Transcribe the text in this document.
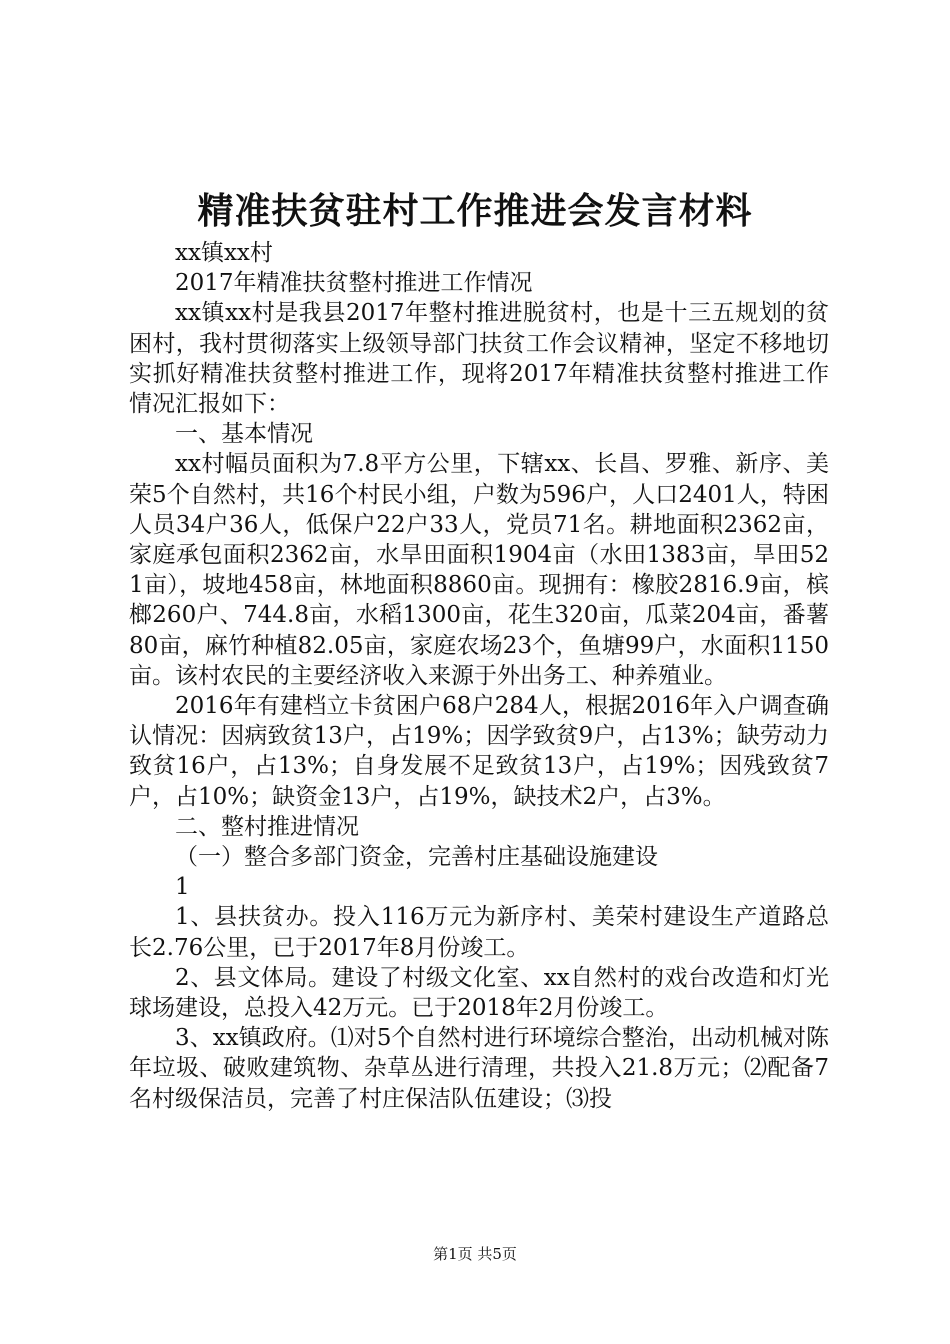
精准扶贫驻村工作推进会发言材料

xx镇xx村

2017年精准扶贫整村推进工作情况

xx镇xx村是我县2017年整村推进脱贫村，也是十三五规划的贫困村，我村贯彻落实上级领导部门扶贫工作会议精神，坚定不移地切实抓好精准扶贫整村推进工作，现将2017年精准扶贫整村推进工作情况汇报如下：

一、基本情况

xx村幅员面积为7.8平方公里，下辖xx、长昌、罗雅、新序、美荣5个自然村，共16个村民小组，户数为596户，人口2401人，特困人员34户36人，低保户22户33人，党员71名。耕地面积2362亩，家庭承包面积2362亩，水旱田面积1904亩（水田1383亩，旱田521亩），坡地458亩，林地面积8860亩。现拥有：橡胶2816.9亩，槟榔260户、744.8亩，水稻1300亩，花生320亩，瓜菜204亩，番薯80亩，麻竹种植82.05亩，家庭农场23个，鱼塘99户，水面积1150亩。该村农民的主要经济收入来源于外出务工、种养殖业。

2016年有建档立卡贫困户68户284人，根据2016年入户调查确认情况：因病致贫13户，占19%；因学致贫9户，占13%；缺劳动力致贫16户，占13%；自身发展不足致贫13户，占19%；因残致贫7户，占10%；缺资金13户，占19%，缺技术2户，占3%。

二、整村推进情况

（一）整合多部门资金，完善村庄基础设施建设

1

1、县扶贫办。投入116万元为新序村、美荣村建设生产道路总长2.76公里，已于2017年8月份竣工。

2、县文体局。建设了村级文化室、xx自然村的戏台改造和灯光球场建设，总投入42万元。已于2018年2月份竣工。

3、xx镇政府。⑴对5个自然村进行环境综合整治，出动机械对陈年垃圾、破败建筑物、杂草丛进行清理，共投入21.8万元；⑵配备7名村级保洁员，完善了村庄保洁队伍建设；⑶投

第1页 共5页
